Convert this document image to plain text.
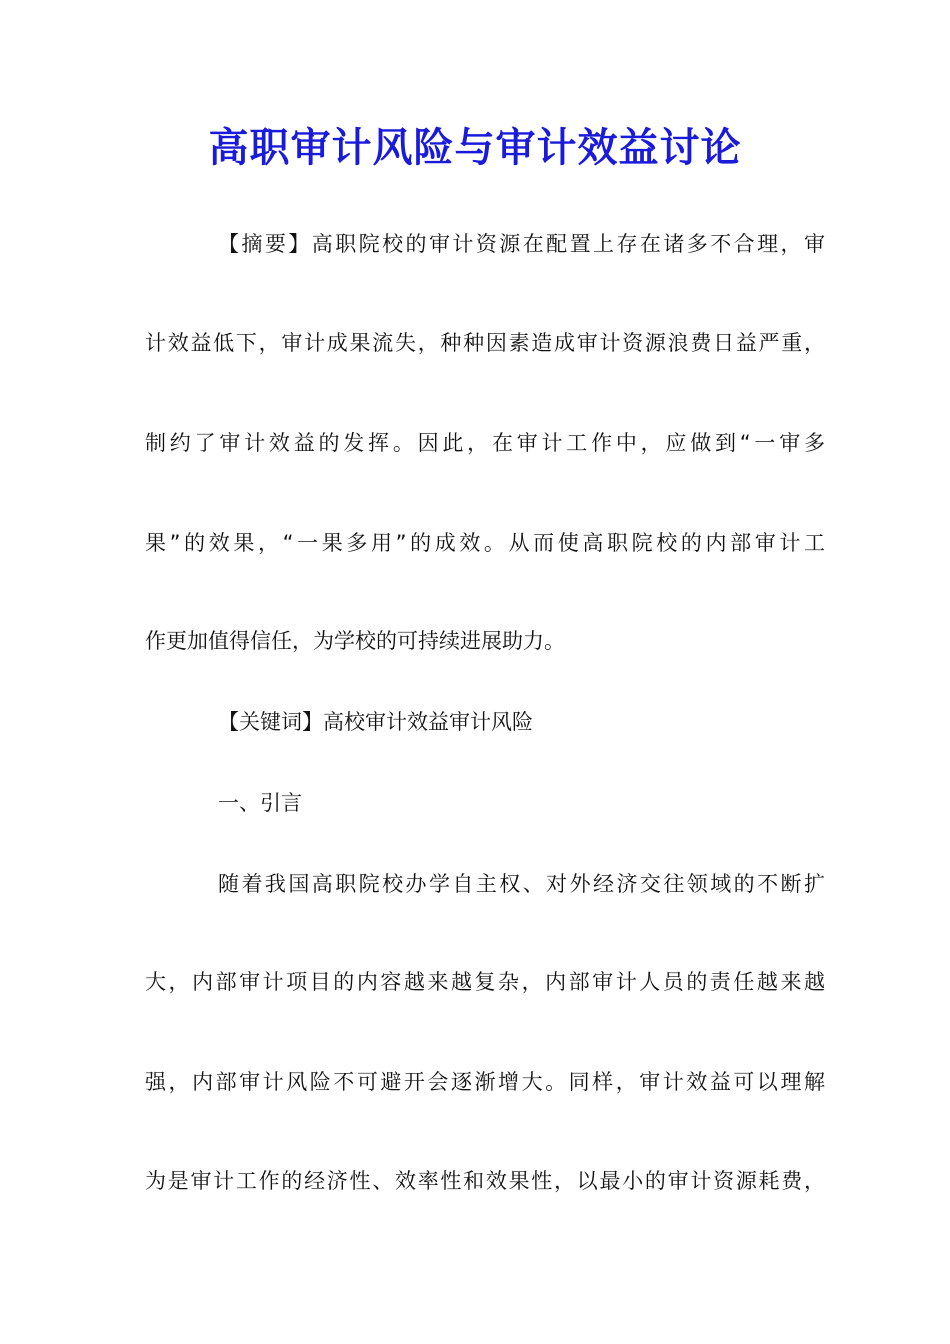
高职审计风险与审计效益讨论

【摘要】高职院校的审计资源在配置上存在诸多不合理，审

计效益低下，审计成果流失，种种因素造成审计资源浪费日益严重，

制约了审计效益的发挥。因此，在审计工作中，应做到“一审多

果”的效果，“一果多用”的成效。从而使高职院校的内部审计工

作更加值得信任，为学校的可持续进展助力。

【关键词】高校审计效益审计风险

一、引言

随着我国高职院校办学自主权、对外经济交往领域的不断扩

大，内部审计项目的内容越来越复杂，内部审计人员的责任越来越

强，内部审计风险不可避开会逐渐增大。同样，审计效益可以理解

为是审计工作的经济性、效率性和效果性，以最小的审计资源耗费，
